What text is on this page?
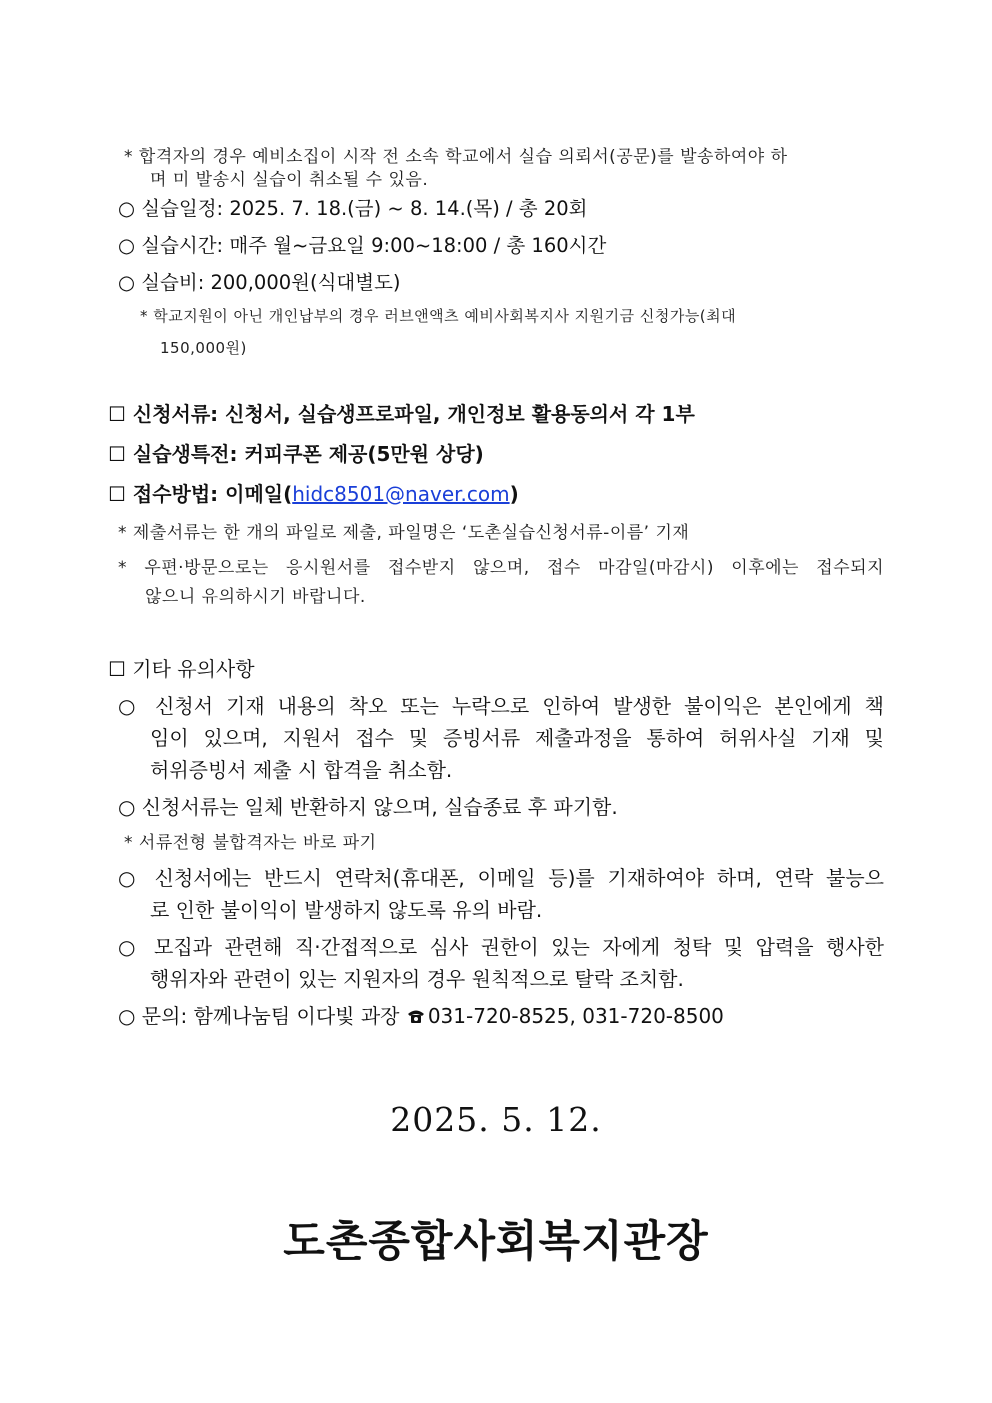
* 합격자의 경우 예비소집이 시작 전 소속 학교에서 실습 의뢰서(공문)를 발송하여야 하
며 미 발송시 실습이 취소될 수 있음.
○ 실습일정: 2025. 7. 18.(금) ~ 8. 14.(목) / 총 20회
○ 실습시간: 매주 월~금요일 9:00~18:00 / 총 160시간
○ 실습비: 200,000원(식대별도)
* 학교지원이 아닌 개인납부의 경우 러브앤액츠 예비사회복지사 지원기금 신청가능(최대
150,000원)
☐ 신청서류: 신청서, 실습생프로파일, 개인정보 활용동의서 각 1부
☐ 실습생특전: 커피쿠폰 제공(5만원 상당)
☐ 접수방법: 이메일(hidc8501@naver.com)
* 제출서류는 한 개의 파일로 제출, 파일명은 ‘도촌실습신청서류-이름’ 기재
* 우편·방문으로는 응시원서를 접수받지 않으며, 접수 마감일(마감시) 이후에는 접수되지
않으니 유의하시기 바랍니다.
☐ 기타 유의사항
○ 신청서 기재 내용의 착오 또는 누락으로 인하여 발생한 불이익은 본인에게 책
임이 있으며, 지원서 접수 및 증빙서류 제출과정을 통하여 허위사실 기재 및
허위증빙서 제출 시 합격을 취소함.
○ 신청서류는 일체 반환하지 않으며, 실습종료 후 파기함.
* 서류전형 불합격자는 바로 파기
○ 신청서에는 반드시 연락처(휴대폰, 이메일 등)를 기재하여야 하며, 연락 불능으
로 인한 불이익이 발생하지 않도록 유의 바람.
○ 모집과 관련해 직·간접적으로 심사 권한이 있는 자에게 청탁 및 압력을 행사한
행위자와 관련이 있는 지원자의 경우 원칙적으로 탈락 조치함.
○ 문의: 함께나눔팀 이다빛 과장 031-720-8525, 031-720-8500
2025. 5. 12.
도촌종합사회복지관장
